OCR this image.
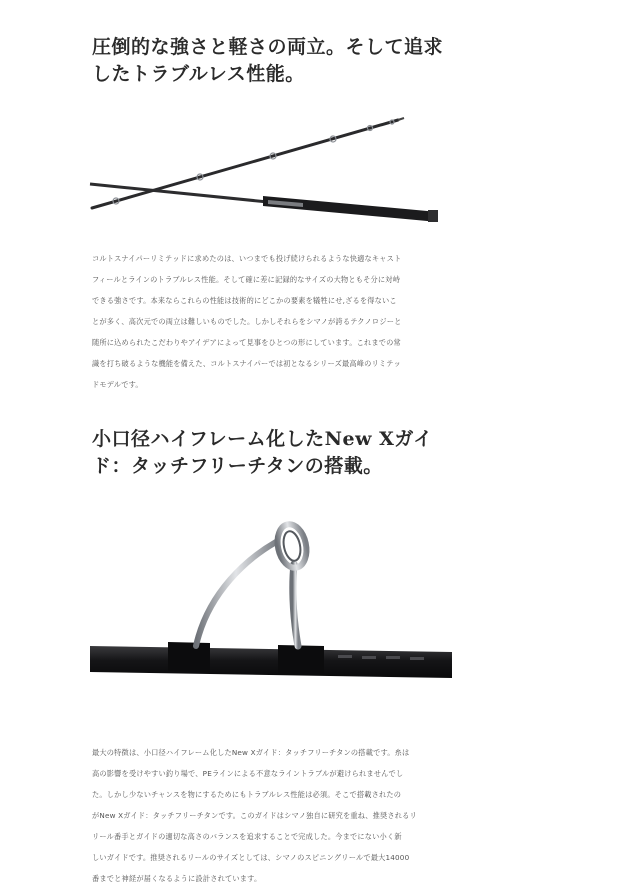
圧倒的な強さと軽さの両立。そして追求
したトラブルレス性能。

コルトスナイパーリミテッドに求めたのは、いつまでも投げ続けられるような快適なキャスト
フィールとラインのトラブルレス性能。そして確に差に記録的なサイズの大物ともそ分に対峙
できる強さです。本来ならこれらの性能は技術的にどこかの要素を犠牲にせ,ざるを得ないこ
とが多く、高次元での両立は難しいものでした。しかしそれらをシマノが誇るテクノロジーと
随所に込められたこだわりやアイデアによって見事をひとつの形にしています。これまでの常
識を打ち破るような機能を備えた、コルトスナイパーでは初となるシリーズ最高峰のリミテッ
ドモデルです。

小口径ハイフレーム化したNew Xガイ
ド：タッチフリーチタンの搭載。

最大の特徴は、小口径ハイフレーム化したNew Xガイド：タッチフリーチタンの搭載です。糸は
高の影響を受けやすい釣り場で、PEラインによる不意なライントラブルが避けられませんでし
た。しかし少ないチャンスを物にするためにもトラブルレス性能は必須。そこで搭載されたの
がNew Xガイド：タッチフリーチタンです。このガイドはシマノ独自に研究を重ね、推奨されるリ
リール番手とガイドの適切な高さのバランスを追求することで完成した。今までにない小く新
しいガイドです。推奨されるリールのサイズとしては、シマノのスピニングリールで最大14000
番までと神経が届くなるように設計されています。
